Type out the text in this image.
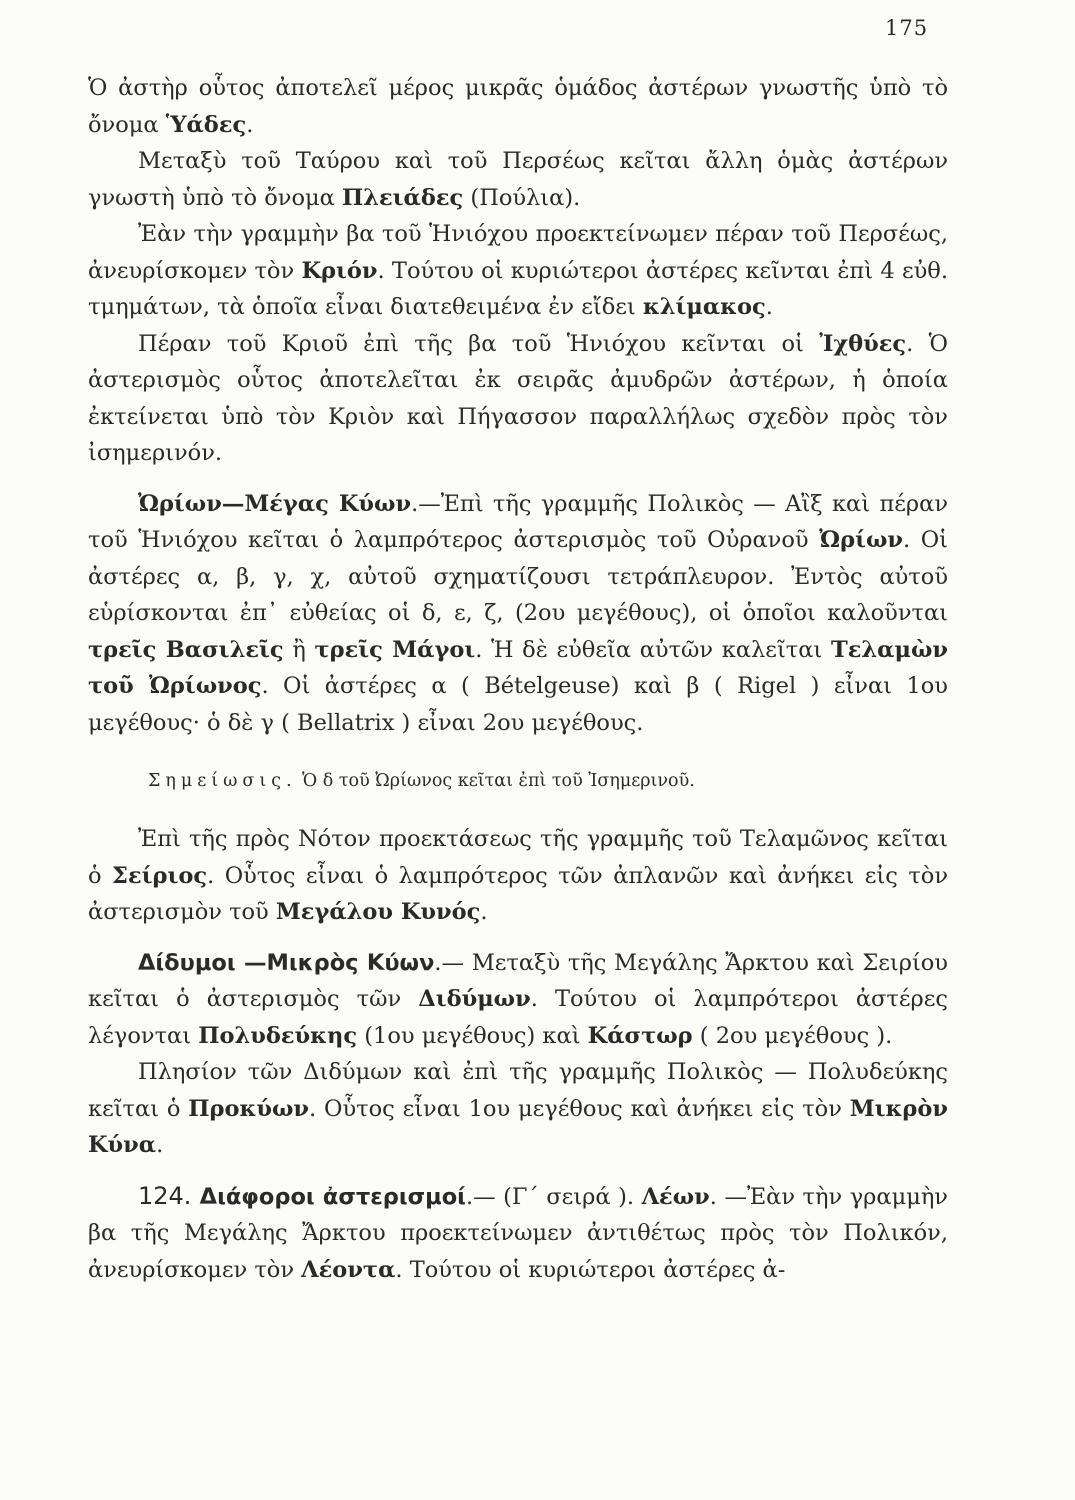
175

Ὁ ἀστὴρ οὗτος ἀποτελεῖ μέρος μικρᾶς ὁμάδος ἀστέρων γνωστῆς ὑπὸ τὸ ὄνομα Ὑάδες.

Μεταξὺ τοῦ Ταύρου καὶ τοῦ Περσέως κεῖται ἄλλη ὁμὰς ἀστέρων γνωστὴ ὑπὸ τὸ ὄνομα Πλειάδες (Πούλια).

Ἐὰν τὴν γραμμὴν βα τοῦ Ἡνιόχου προεκτείνωμεν πέραν τοῦ Περσέως, ἀνευρίσκομεν τὸν Κριόν. Τούτου οἱ κυριώτεροι ἀστέρες κεῖνται ἐπὶ 4 εὐθ. τμημάτων, τὰ ὁποῖα εἶναι διατεθειμένα ἐν εἴδει κλίμακος.

Πέραν τοῦ Κριοῦ ἐπὶ τῆς βα τοῦ Ἡνιόχου κεῖνται οἱ Ἰχθύες. Ὁ ἀστερισμὸς οὗτος ἀποτελεῖται ἐκ σειρᾶς ἀμυδρῶν ἀστέρων, ἡ ὁποία ἐκτείνεται ὑπὸ τὸν Κριὸν καὶ Πήγασσον παραλλήλως σχεδὸν πρὸς τὸν ἰσημερινόν.

Ὠρίων—Μέγας Κύων.—Ἐπὶ τῆς γραμμῆς Πολικὸς — Αἲξ καὶ πέραν τοῦ Ἡνιόχου κεῖται ὁ λαμπρότερος ἀστερισμὸς τοῦ Οὐρανοῦ Ὠρίων. Οἱ ἀστέρες α, β, γ, χ, αὐτοῦ σχηματίζουσι τετράπλευρον. Ἐντὸς αὐτοῦ εὑρίσκονται ἐπ᾽ εὐθείας οἱ δ, ε, ζ, (2ου μεγέθους), οἱ ὁποῖοι καλοῦνται τρεῖς Βασιλεῖς ἢ τρεῖς Μάγοι. Ἡ δὲ εὐθεῖα αὐτῶν καλεῖται Τελαμὼν τοῦ Ὠρίωνος. Οἱ ἀστέρες α ( Bételgeuse) καὶ β ( Rigel ) εἶναι 1ου μεγέθους· ὁ δὲ γ ( Bellatrix ) εἶναι 2ου μεγέθους.

Σημείωσις. Ὁ δ τοῦ Ὠρίωνος κεῖται ἐπὶ τοῦ Ἰσημερινοῦ.

Ἐπὶ τῆς πρὸς Νότον προεκτάσεως τῆς γραμμῆς τοῦ Τελαμῶνος κεῖται ὁ Σείριος. Οὗτος εἶναι ὁ λαμπρότερος τῶν ἀπλανῶν καὶ ἀνήκει εἰς τὸν ἀστερισμὸν τοῦ Μεγάλου Κυνός.

Δίδυμοι —Μικρὸς Κύων.— Μεταξὺ τῆς Μεγάλης Ἄρκτου καὶ Σειρίου κεῖται ὁ ἀστερισμὸς τῶν Διδύμων. Τούτου οἱ λαμπρότεροι ἀστέρες λέγονται Πολυδεύκης (1ου μεγέθους) καὶ Κάστωρ ( 2ου μεγέθους ).

Πλησίον τῶν Διδύμων καὶ ἐπὶ τῆς γραμμῆς Πολικὸς — Πολυδεύκης κεῖται ὁ Προκύων. Οὗτος εἶναι 1ου μεγέθους καὶ ἀνήκει εἰς τὸν Μικρὸν Κύνα.

124. Διάφοροι ἀστερισμοί.— (Γ΄ σειρά ). Λέων. —Ἐὰν τὴν γραμμὴν βα τῆς Μεγάλης Ἄρκτου προεκτείνωμεν ἀντιθέτως πρὸς τὸν Πολικόν, ἀνευρίσκομεν τὸν Λέοντα. Τούτου οἱ κυριώτεροι ἀστέρες ἀ-
